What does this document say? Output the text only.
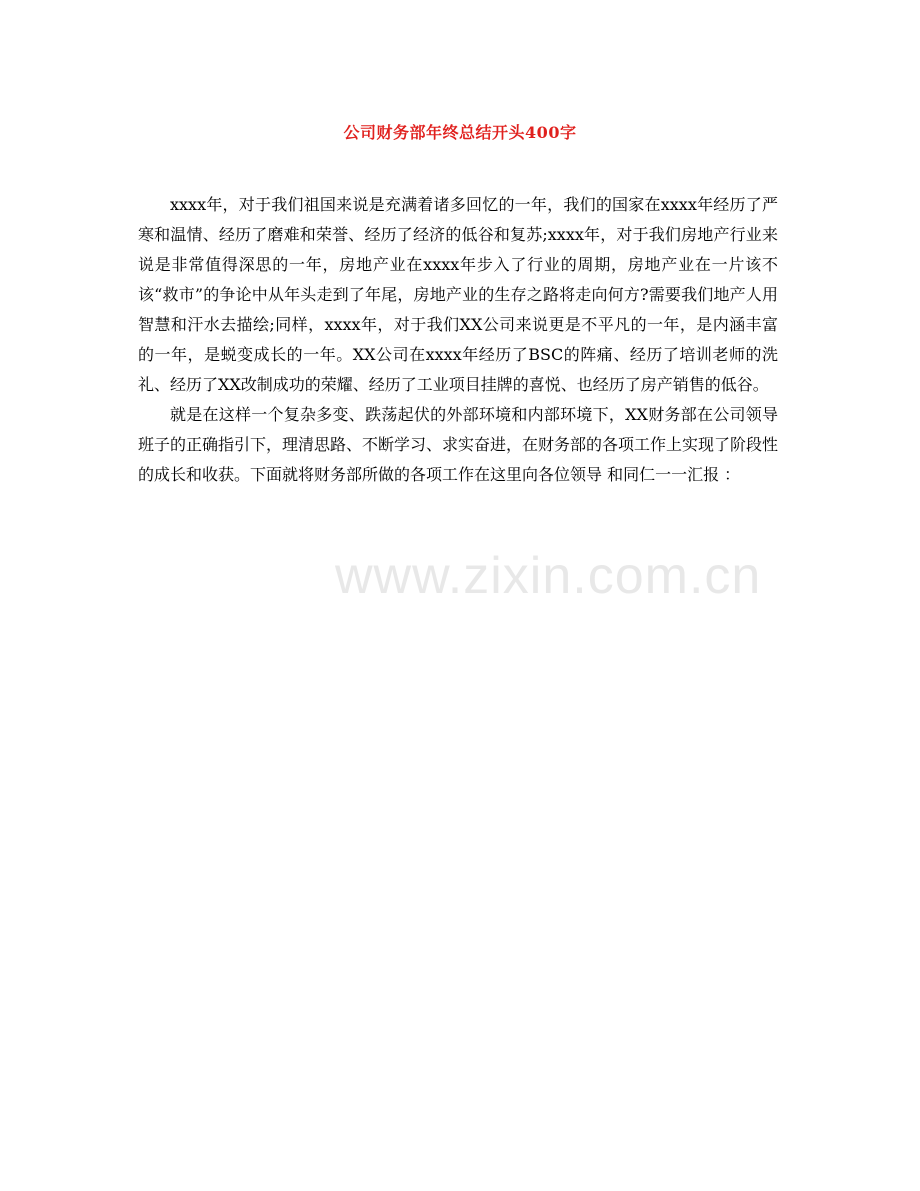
公司财务部年终总结开头400字

xxxx年，对于我们祖国来说是充满着诸多回忆的一年，我们的国家在xxxx年经历了严寒和温情、经历了磨难和荣誉、经历了经济的低谷和复苏;xxxx年，对于我们房地产行业来说是非常值得深思的一年，房地产业在xxxx年步入了行业的周期，房地产业在一片该不该“救市”的争论中从年头走到了年尾，房地产业的生存之路将走向何方?需要我们地产人用智慧和汗水去描绘;同样，xxxx年，对于我们XX公司来说更是不平凡的一年，是内涵丰富的一年，是蜕变成长的一年。XX公司在xxxx年经历了BSC的阵痛、经历了培训老师的洗礼、经历了XX改制成功的荣耀、经历了工业项目挂牌的喜悦、也经历了房产销售的低谷。

就是在这样一个复杂多变、跌荡起伏的外部环境和内部环境下，XX财务部在公司领导 班子的正确指引下，理清思路、不断学习、求实奋进，在财务部的各项工作上实现了阶段性的成长和收获。下面就将财务部所做的各项工作在这里向各位领导 和同仁一一汇报 ：

www.zixin.com.cn
